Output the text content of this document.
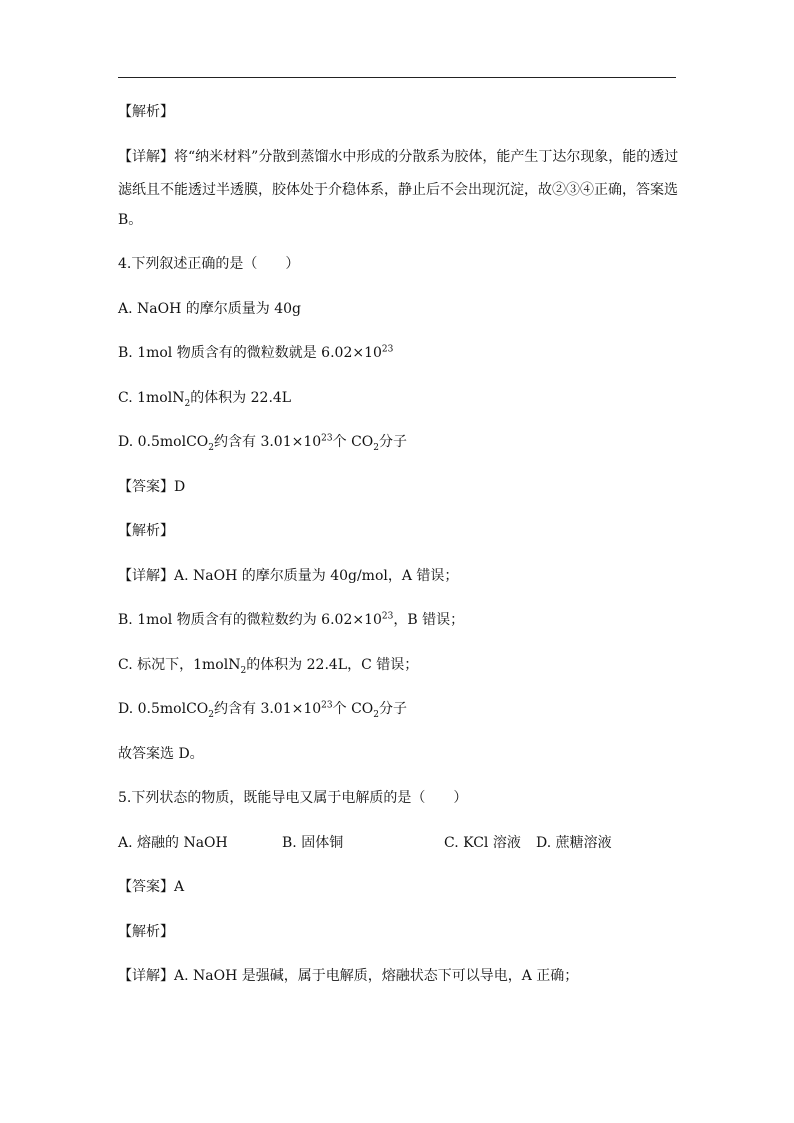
【解析】
【详解】将“纳米材料”分散到蒸馏水中形成的分散系为胶体，能产生丁达尔现象，能的透过
滤纸且不能透过半透膜，胶体处于介稳体系，静止后不会出现沉淀，故②③④正确，答案选
B。
4.下列叙述正确的是（　　）
A. NaOH 的摩尔质量为 40g
B. 1mol 物质含有的微粒数就是 $6.02\times 10^{23}$
C. 1molN$_2$的体积为 22.4L
D. 0.5molCO$_2$约含有 $3.01\times 10^{23}$个 $CO_2$分子
【答案】D
【解析】
【详解】A. NaOH 的摩尔质量为 40g/mol，A 错误；
B. 1mol 物质含有的微粒数约为 $6.02\times 10^{23}$，B 错误；
C. 标况下，1molN$_2$的体积为 22.4L，C 错误；
D. 0.5molCO$_2$约含有 $3.01\times 10^{23}$个 $CO_2$分子
故答案选 D。
5.下列状态的物质，既能导电又属于电解质的是（　　）
A. 熔融的 NaOH	B. 固体铜	C. KCl 溶液 D. 蔗糖溶液
【答案】A
【解析】
【详解】A. NaOH 是强碱，属于电解质，熔融状态下可以导电，A 正确；
